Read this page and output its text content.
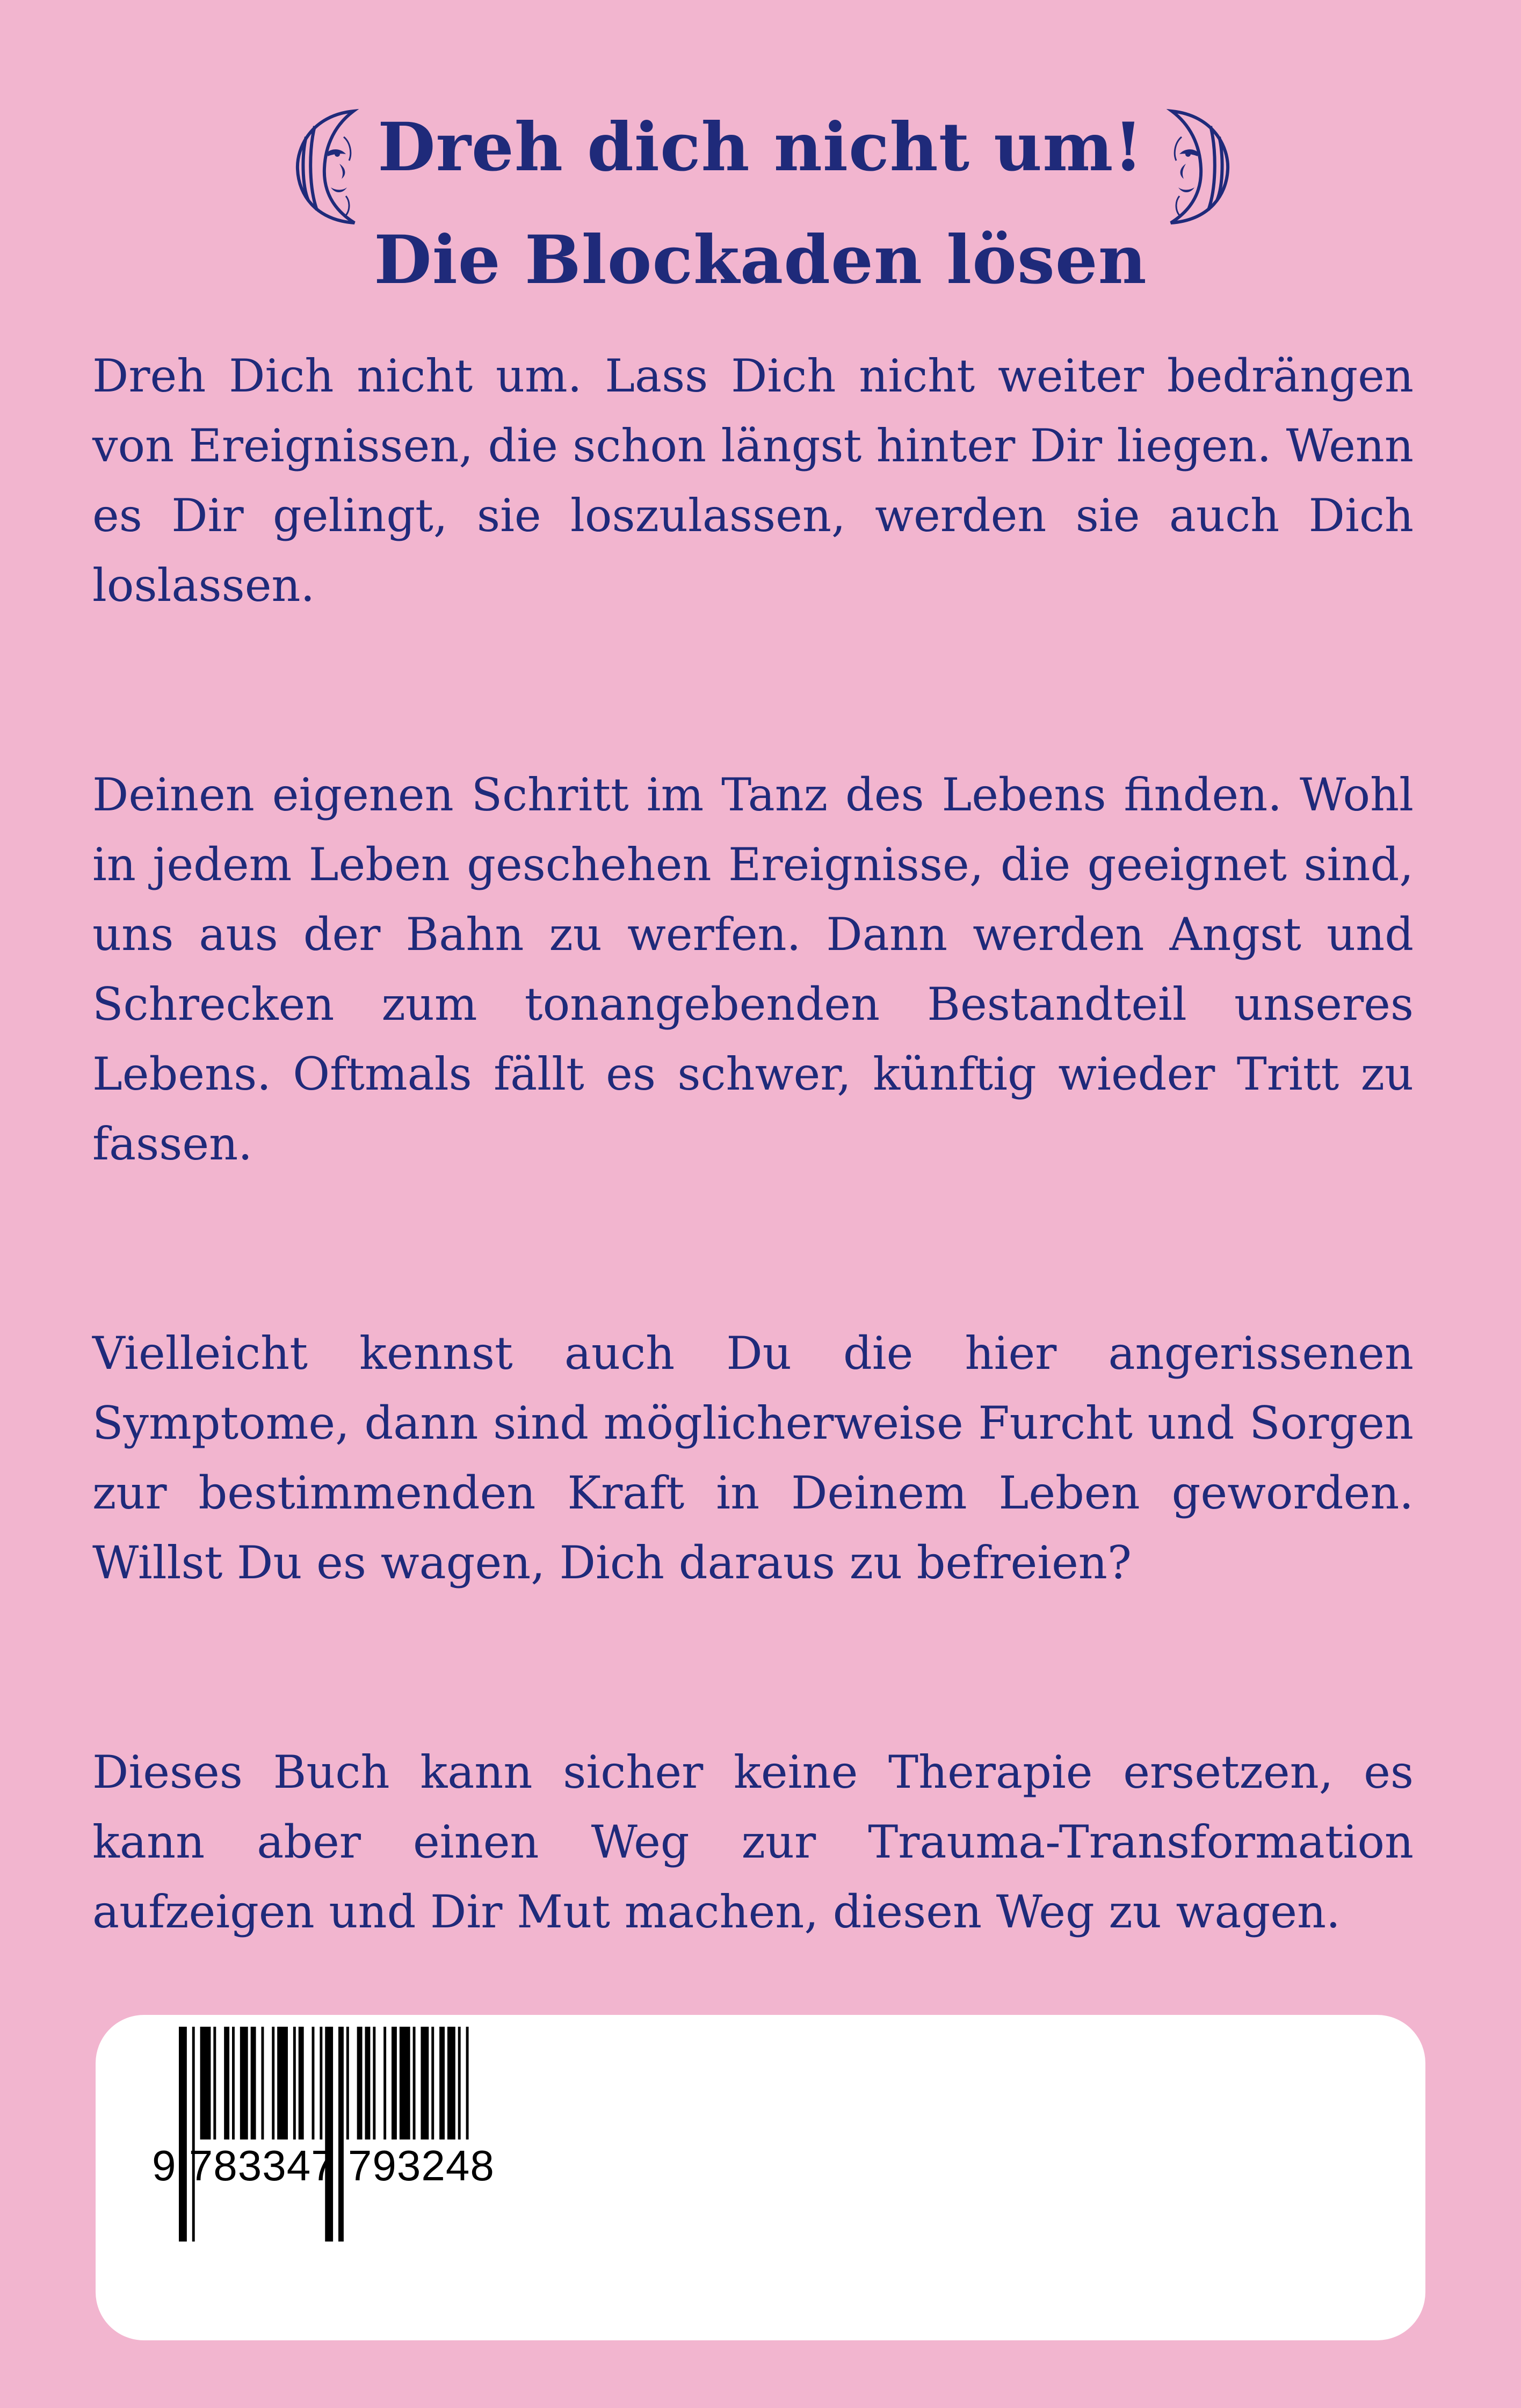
Dreh dich nicht um!
Die Blockaden lösen

Dreh Dich nicht um. Lass Dich nicht weiter bedrängen von Ereignissen, die schon längst hinter Dir liegen. Wenn es Dir gelingt, sie loszulassen, werden sie auch Dich loslassen.

Deinen eigenen Schritt im Tanz des Lebens finden. Wohl in jedem Leben geschehen Ereignisse, die geeignet sind, uns aus der Bahn zu werfen. Dann werden Angst und Schrecken zum tonangebenden Bestandteil unseres Lebens. Oftmals fällt es schwer, künftig wieder Tritt zu fassen.

Vielleicht kennst auch Du die hier angerissenen Symptome, dann sind möglicherweise Furcht und Sorgen zur bestimmenden Kraft in Deinem Leben geworden. Willst Du es wagen, Dich daraus zu befreien?

Dieses Buch kann sicher keine Therapie ersetzen, es kann aber einen Weg zur Trauma-Transformation aufzeigen und Dir Mut machen, diesen Weg zu wagen.

9 783347 793248
